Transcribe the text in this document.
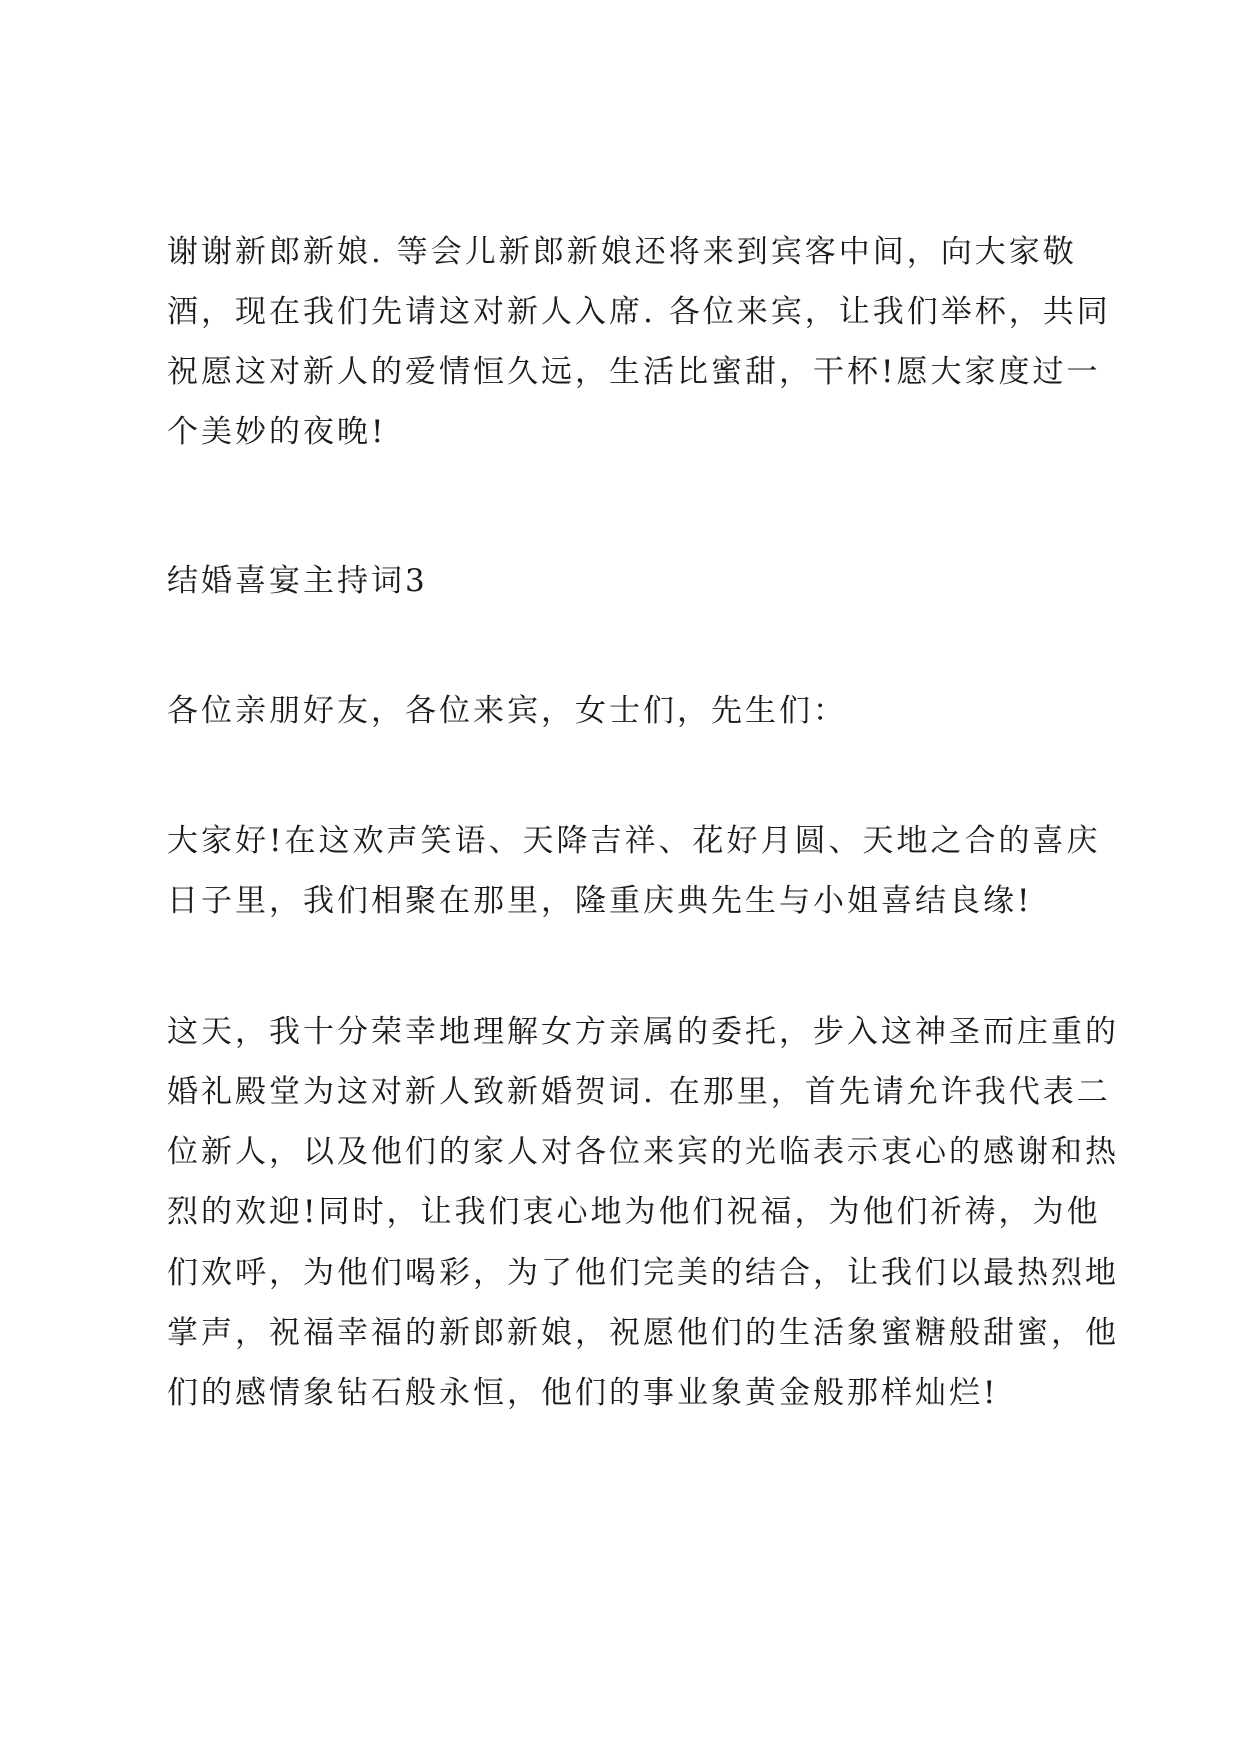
谢谢新郎新娘. 等会儿新郎新娘还将来到宾客中间，向大家敬
酒，现在我们先请这对新人入席. 各位来宾，让我们举杯，共同
祝愿这对新人的爱情恒久远，生活比蜜甜，干杯!愿大家度过一
个美妙的夜晚!
结婚喜宴主持词3
各位亲朋好友，各位来宾，女士们，先生们：
大家好!在这欢声笑语、天降吉祥、花好月圆、天地之合的喜庆
日子里，我们相聚在那里，隆重庆典先生与小姐喜结良缘!
这天，我十分荣幸地理解女方亲属的委托，步入这神圣而庄重的
婚礼殿堂为这对新人致新婚贺词. 在那里，首先请允许我代表二
位新人，以及他们的家人对各位来宾的光临表示衷心的感谢和热
烈的欢迎!同时，让我们衷心地为他们祝福，为他们祈祷，为他
们欢呼，为他们喝彩，为了他们完美的结合，让我们以最热烈地
掌声，祝福幸福的新郎新娘，祝愿他们的生活象蜜糖般甜蜜，他
们的感情象钻石般永恒，他们的事业象黄金般那样灿烂!
